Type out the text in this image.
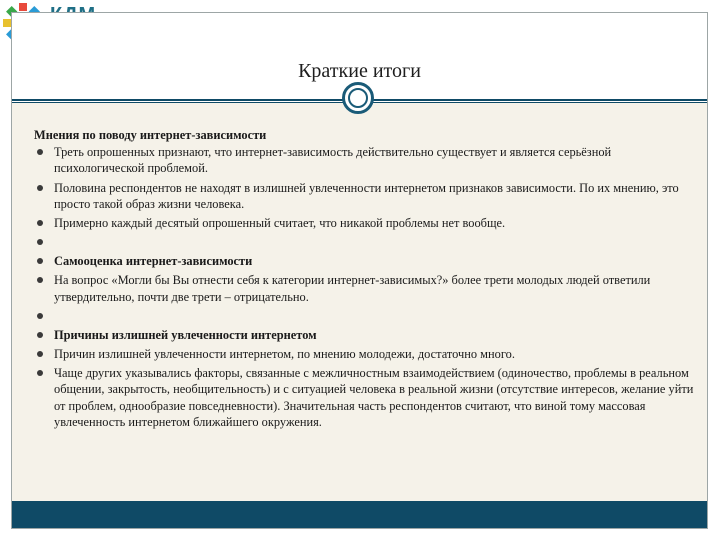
Краткие итоги
Мнения по поводу интернет-зависимости
Треть опрошенных признают, что интернет-зависимость действительно существует и является серьёзной психологической проблемой.
Половина респондентов не находят в излишней увлеченности интернетом признаков зависимости. По их мнению, это просто такой образ жизни человека.
Примерно каждый десятый опрошенный считает, что никакой проблемы нет вообще.
Самооценка интернет-зависимости
На вопрос «Могли бы Вы отнести себя к категории интернет-зависимых?» более трети молодых людей ответили утвердительно, почти две трети – отрицательно.
Причины излишней увлеченности интернетом
Причин излишней увлеченности интернетом, по мнению молодежи, достаточно много.
Чаще других указывались факторы, связанные с межличностным взаимодействием (одиночество, проблемы в реальном общении, закрытость, необщительность) и с ситуацией человека в реальной жизни (отсутствие интересов, желание уйти от проблем, однообразие повседневности). Значительная часть респондентов считают, что виной тому массовая увлеченность интернетом ближайшего окружения.
